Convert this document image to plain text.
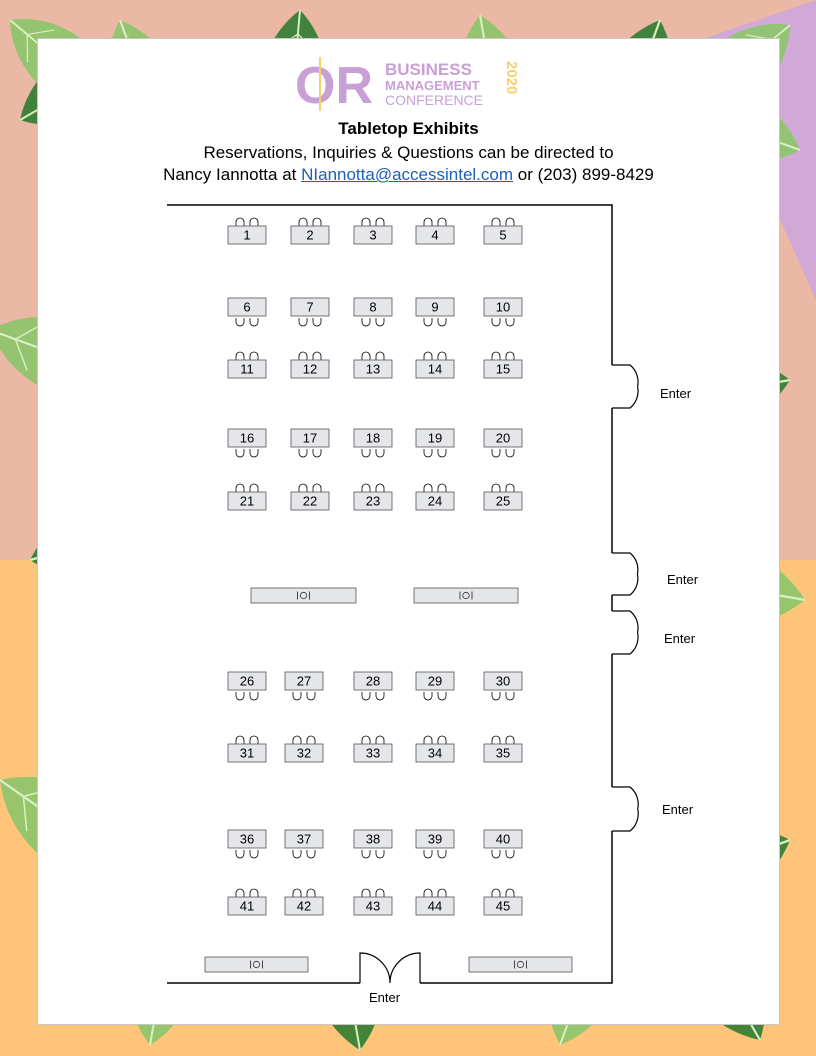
OR BUSINESS
MANAGEMENT
CONFERENCE
2020
Tabletop Exhibits
Reservations, Inquiries & Questions can be directed to
Nancy Iannotta at NIannotta@accessintel.com or (203) 899-8429
Enter
Enter
Enter
Enter
Enter
1	2	3	4	5
6	7	8	9	10
11	12	13	14	15
16	17	18	19	20
21	22	23	24	25
26	27	28	29	30
31	32	33	34	35
36	37	38	39	40
41	42	43	44	45
